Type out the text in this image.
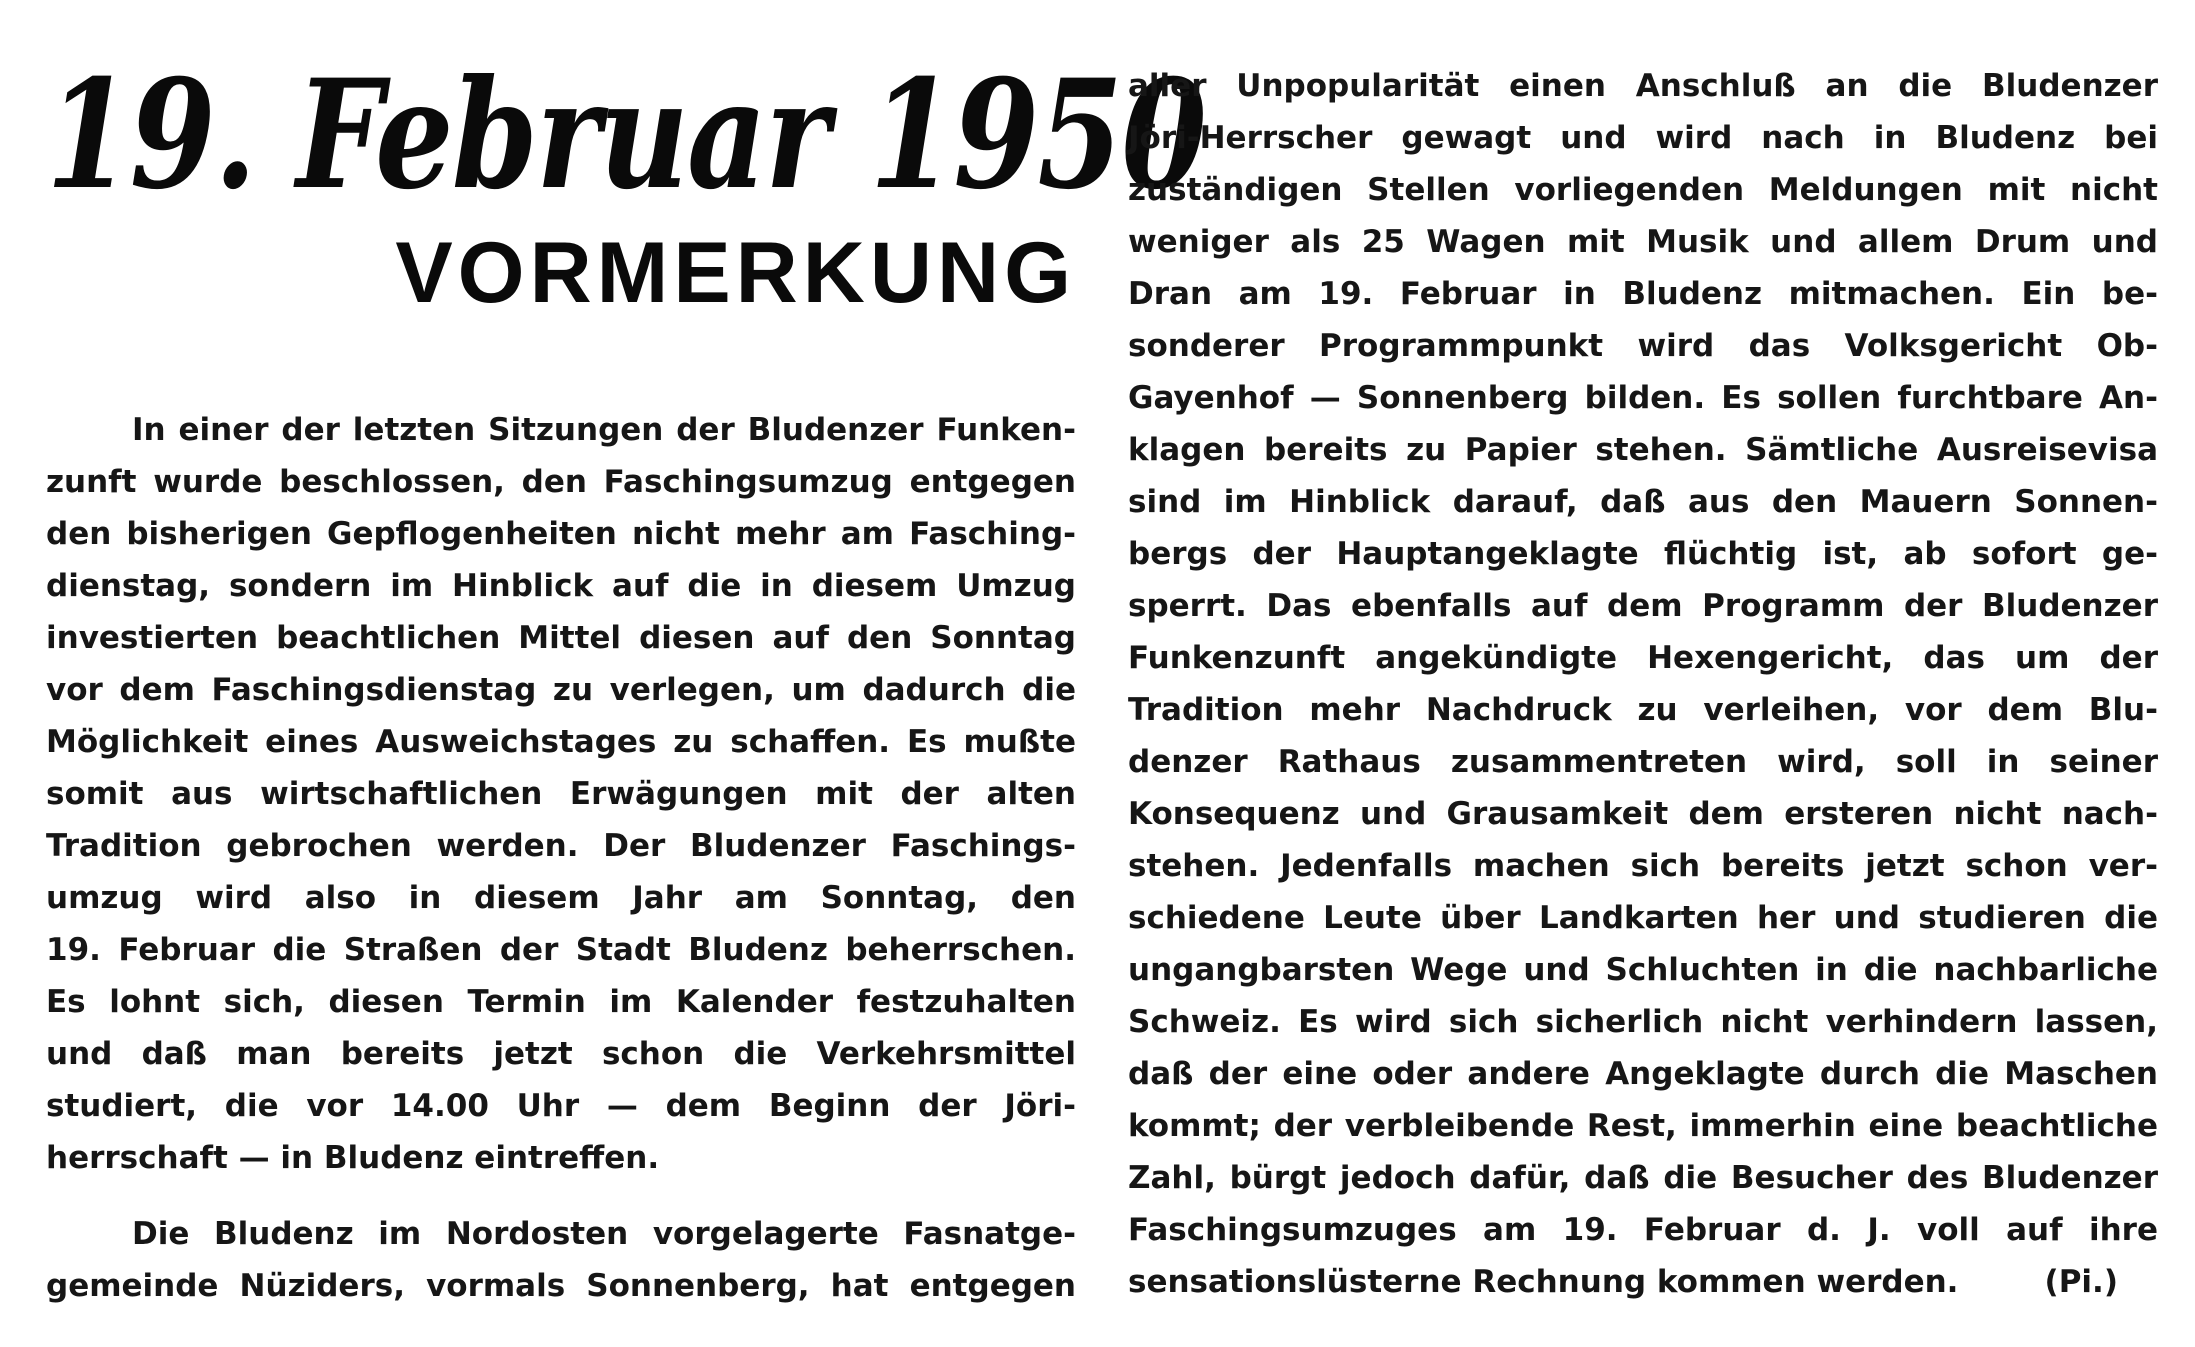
19. Februar 1950
VORMERKUNG
In einer der letzten Sitzungen der Bludenzer Funken-
zunft wurde beschlossen, den Faschingsumzug entgegen
den bisherigen Gepflogenheiten nicht mehr am Fasching-
dienstag, sondern im Hinblick auf die in diesem Umzug
investierten beachtlichen Mittel diesen auf den Sonntag
vor dem Faschingsdienstag zu verlegen, um dadurch die
Möglichkeit eines Ausweichstages zu schaffen. Es mußte
somit aus wirtschaftlichen Erwägungen mit der alten
Tradition gebrochen werden. Der Bludenzer Faschings-
umzug wird also in diesem Jahr am Sonntag, den
19. Februar die Straßen der Stadt Bludenz beherrschen.
Es lohnt sich, diesen Termin im Kalender festzuhalten
und daß man bereits jetzt schon die Verkehrsmittel
studiert, die vor 14.00 Uhr — dem Beginn der Jöri-
herrschaft — in Bludenz eintreffen.
Die Bludenz im Nordosten vorgelagerte Fasnatge-
gemeinde Nüziders, vormals Sonnenberg, hat entgegen
aller Unpopularität einen Anschluß an die Bludenzer
Jöri-Herrscher gewagt und wird nach in Bludenz bei
zuständigen Stellen vorliegenden Meldungen mit nicht
weniger als 25 Wagen mit Musik und allem Drum und
Dran am 19. Februar in Bludenz mitmachen. Ein be-
sonderer Programmpunkt wird das Volksgericht Ob-
Gayenhof — Sonnenberg bilden. Es sollen furchtbare An-
klagen bereits zu Papier stehen. Sämtliche Ausreisevisa
sind im Hinblick darauf, daß aus den Mauern Sonnen-
bergs der Hauptangeklagte flüchtig ist, ab sofort ge-
sperrt. Das ebenfalls auf dem Programm der Bludenzer
Funkenzunft angekündigte Hexengericht, das um der
Tradition mehr Nachdruck zu verleihen, vor dem Blu-
denzer Rathaus zusammentreten wird, soll in seiner
Konsequenz und Grausamkeit dem ersteren nicht nach-
stehen. Jedenfalls machen sich bereits jetzt schon ver-
schiedene Leute über Landkarten her und studieren die
ungangbarsten Wege und Schluchten in die nachbarliche
Schweiz. Es wird sich sicherlich nicht verhindern lassen,
daß der eine oder andere Angeklagte durch die Maschen
kommt; der verbleibende Rest, immerhin eine beachtliche
Zahl, bürgt jedoch dafür, daß die Besucher des Bludenzer
Faschingsumzuges am 19. Februar d. J. voll auf ihre
sensationslüsterne Rechnung kommen werden.	(Pi.)
